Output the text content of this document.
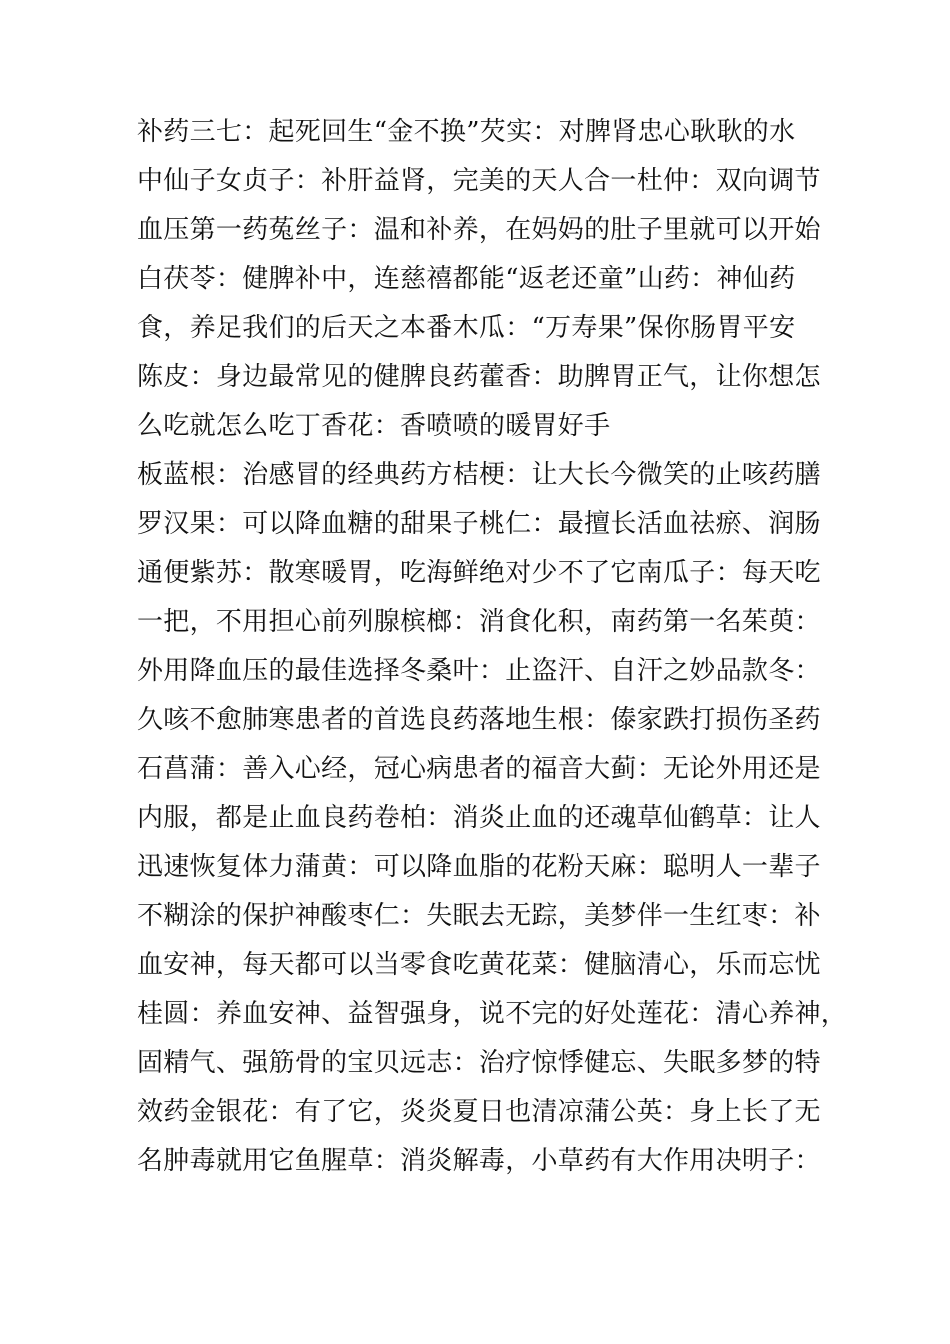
补药三七：起死回生“金不换”芡实：对脾肾忠心耿耿的水
中仙子女贞子：补肝益肾，完美的天人合一杜仲：双向调节
血压第一药菟丝子：温和补养，在妈妈的肚子里就可以开始
白茯苓：健脾补中，连慈禧都能“返老还童”山药：神仙药
食，养足我们的后天之本番木瓜：“万寿果”保你肠胃平安
陈皮：身边最常见的健脾良药藿香：助脾胃正气，让你想怎
么吃就怎么吃丁香花：香喷喷的暖胃好手
板蓝根：治感冒的经典药方桔梗：让大长今微笑的止咳药膳
罗汉果：可以降血糖的甜果子桃仁：最擅长活血祛瘀、润肠
通便紫苏：散寒暖胃，吃海鲜绝对少不了它南瓜子：每天吃
一把，不用担心前列腺槟榔：消食化积，南药第一名茱萸：
外用降血压的最佳选择冬桑叶：止盗汗、自汗之妙品款冬：
久咳不愈肺寒患者的首选良药落地生根：傣家跌打损伤圣药
石菖蒲：善入心经，冠心病患者的福音大蓟：无论外用还是
内服，都是止血良药卷柏：消炎止血的还魂草仙鹤草：让人
迅速恢复体力蒲黄：可以降血脂的花粉天麻：聪明人一辈子
不糊涂的保护神酸枣仁：失眠去无踪，美梦伴一生红枣：补
血安神，每天都可以当零食吃黄花菜：健脑清心，乐而忘忧
桂圆：养血安神、益智强身，说不完的好处莲花：清心养神，
固精气、强筋骨的宝贝远志：治疗惊悸健忘、失眠多梦的特
效药金银花：有了它，炎炎夏日也清凉蒲公英：身上长了无
名肿毒就用它鱼腥草：消炎解毒，小草药有大作用决明子：
